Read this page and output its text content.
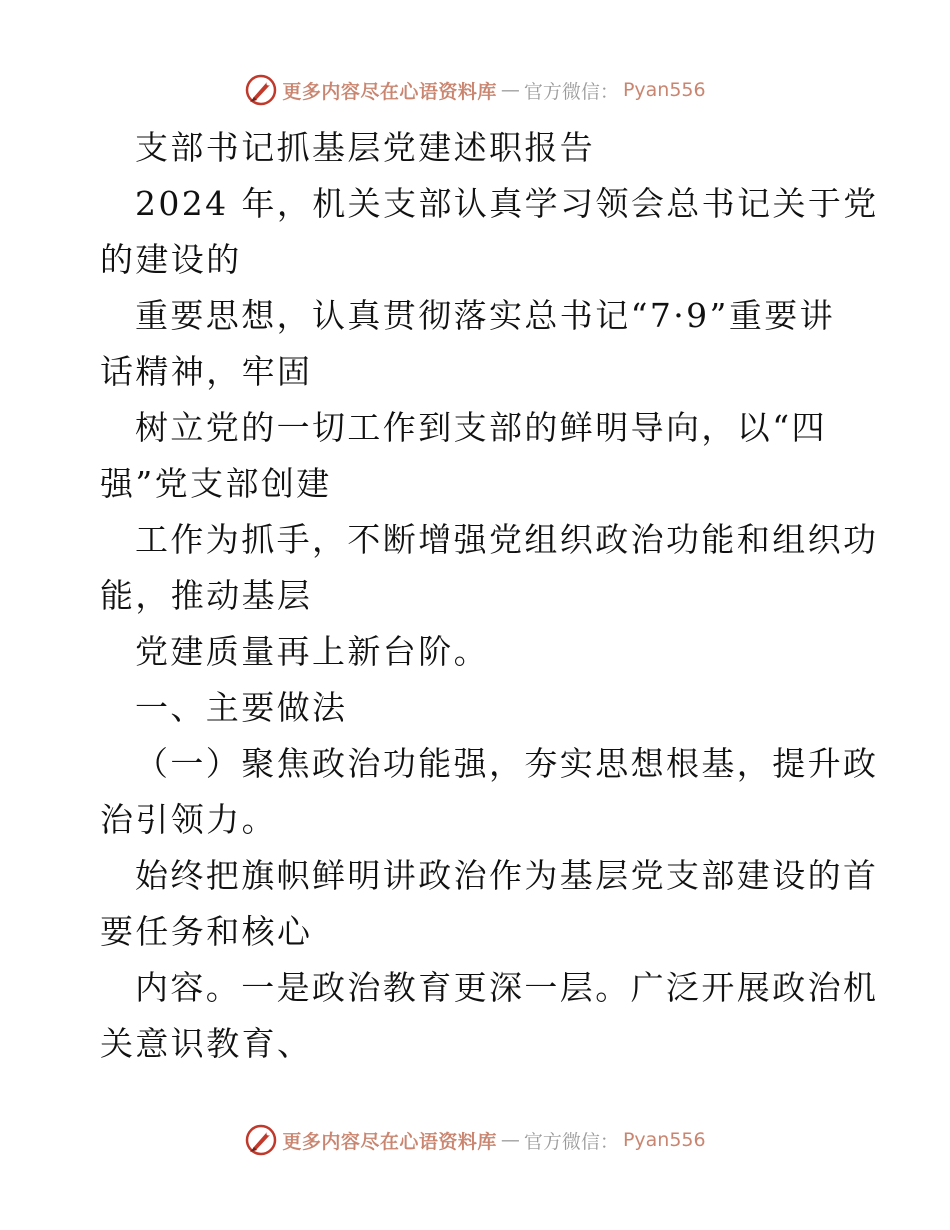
更多内容尽在心语资料库 — 官方微信： Pyan556
支部书记抓基层党建述职报告
2024 年，机关支部认真学习领会总书记关于党
的建设的
重要思想，认真贯彻落实总书记“7·9”重要讲
话精神，牢固
树立党的一切工作到支部的鲜明导向，以“四
强”党支部创建
工作为抓手，不断增强党组织政治功能和组织功
能，推动基层
党建质量再上新台阶。
一、主要做法
（一）聚焦政治功能强，夯实思想根基，提升政
治引领力。
始终把旗帜鲜明讲政治作为基层党支部建设的首
要任务和核心
内容。一是政治教育更深一层。广泛开展政治机
关意识教育、
更多内容尽在心语资料库 — 官方微信： Pyan556
